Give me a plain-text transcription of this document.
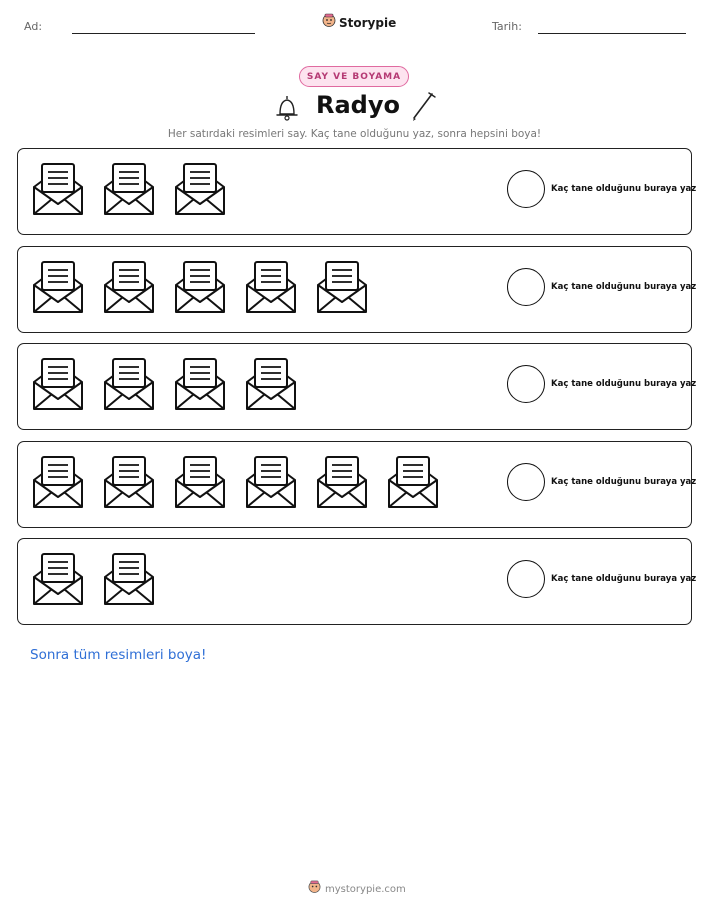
Ad:	Storypie	Tarih:
SAY VE BOYAMA
Radyo
Her satırdaki resimleri say. Kaç tane olduğunu yaz, sonra hepsini boya!
Kaç tane olduğunu buraya yaz
Kaç tane olduğunu buraya yaz
Kaç tane olduğunu buraya yaz
Kaç tane olduğunu buraya yaz
Kaç tane olduğunu buraya yaz
Sonra tüm resimleri boya!
mystorypie.com
